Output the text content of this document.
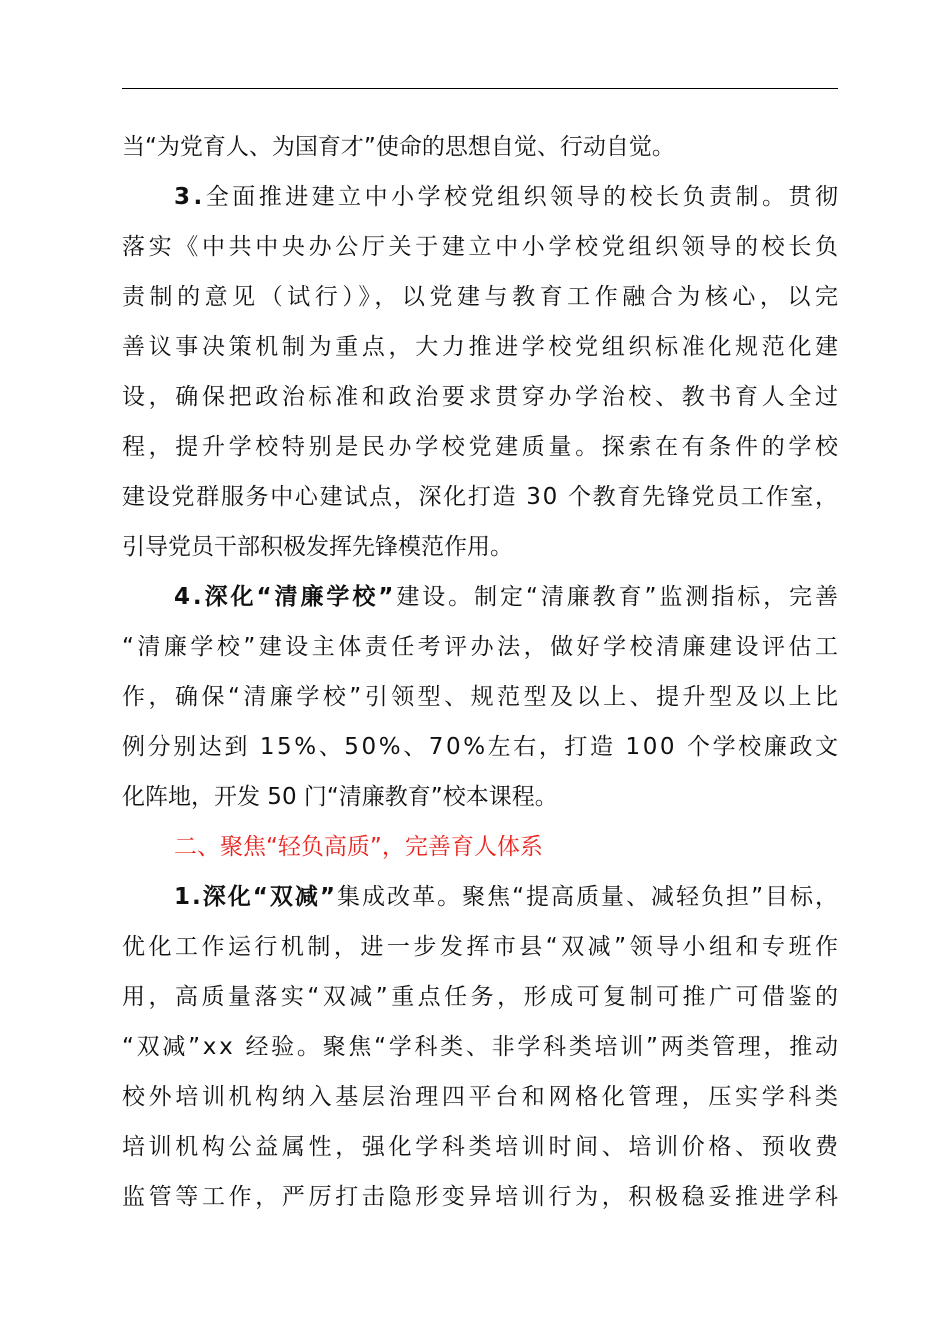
当“为党育人、为国育才”使命的思想自觉、行动自觉。
3.全面推进建立中小学校党组织领导的校长负责制。贯彻
落实《中共中央办公厅关于建立中小学校党组织领导的校长负
责制的意见（试行）》，以党建与教育工作融合为核心，以完
善议事决策机制为重点，大力推进学校党组织标准化规范化建
设，确保把政治标准和政治要求贯穿办学治校、教书育人全过
程，提升学校特别是民办学校党建质量。探索在有条件的学校
建设党群服务中心建试点，深化打造 30 个教育先锋党员工作室，
引导党员干部积极发挥先锋模范作用。
4.深化“清廉学校”建设。制定“清廉教育”监测指标，完善
“清廉学校”建设主体责任考评办法，做好学校清廉建设评估工
作，确保“清廉学校”引领型、规范型及以上、提升型及以上比
例分别达到 15%、50%、70%左右，打造 100 个学校廉政文
化阵地，开发 50 门“清廉教育”校本课程。
二、聚焦“轻负高质”，完善育人体系
1.深化“双减”集成改革。聚焦“提高质量、减轻负担”目标，
优化工作运行机制，进一步发挥市县“双减”领导小组和专班作
用，高质量落实“双减”重点任务，形成可复制可推广可借鉴的
“双减”xx 经验。聚焦“学科类、非学科类培训”两类管理，推动
校外培训机构纳入基层治理四平台和网格化管理，压实学科类
培训机构公益属性，强化学科类培训时间、培训价格、预收费
监管等工作，严厉打击隐形变异培训行为，积极稳妥推进学科
